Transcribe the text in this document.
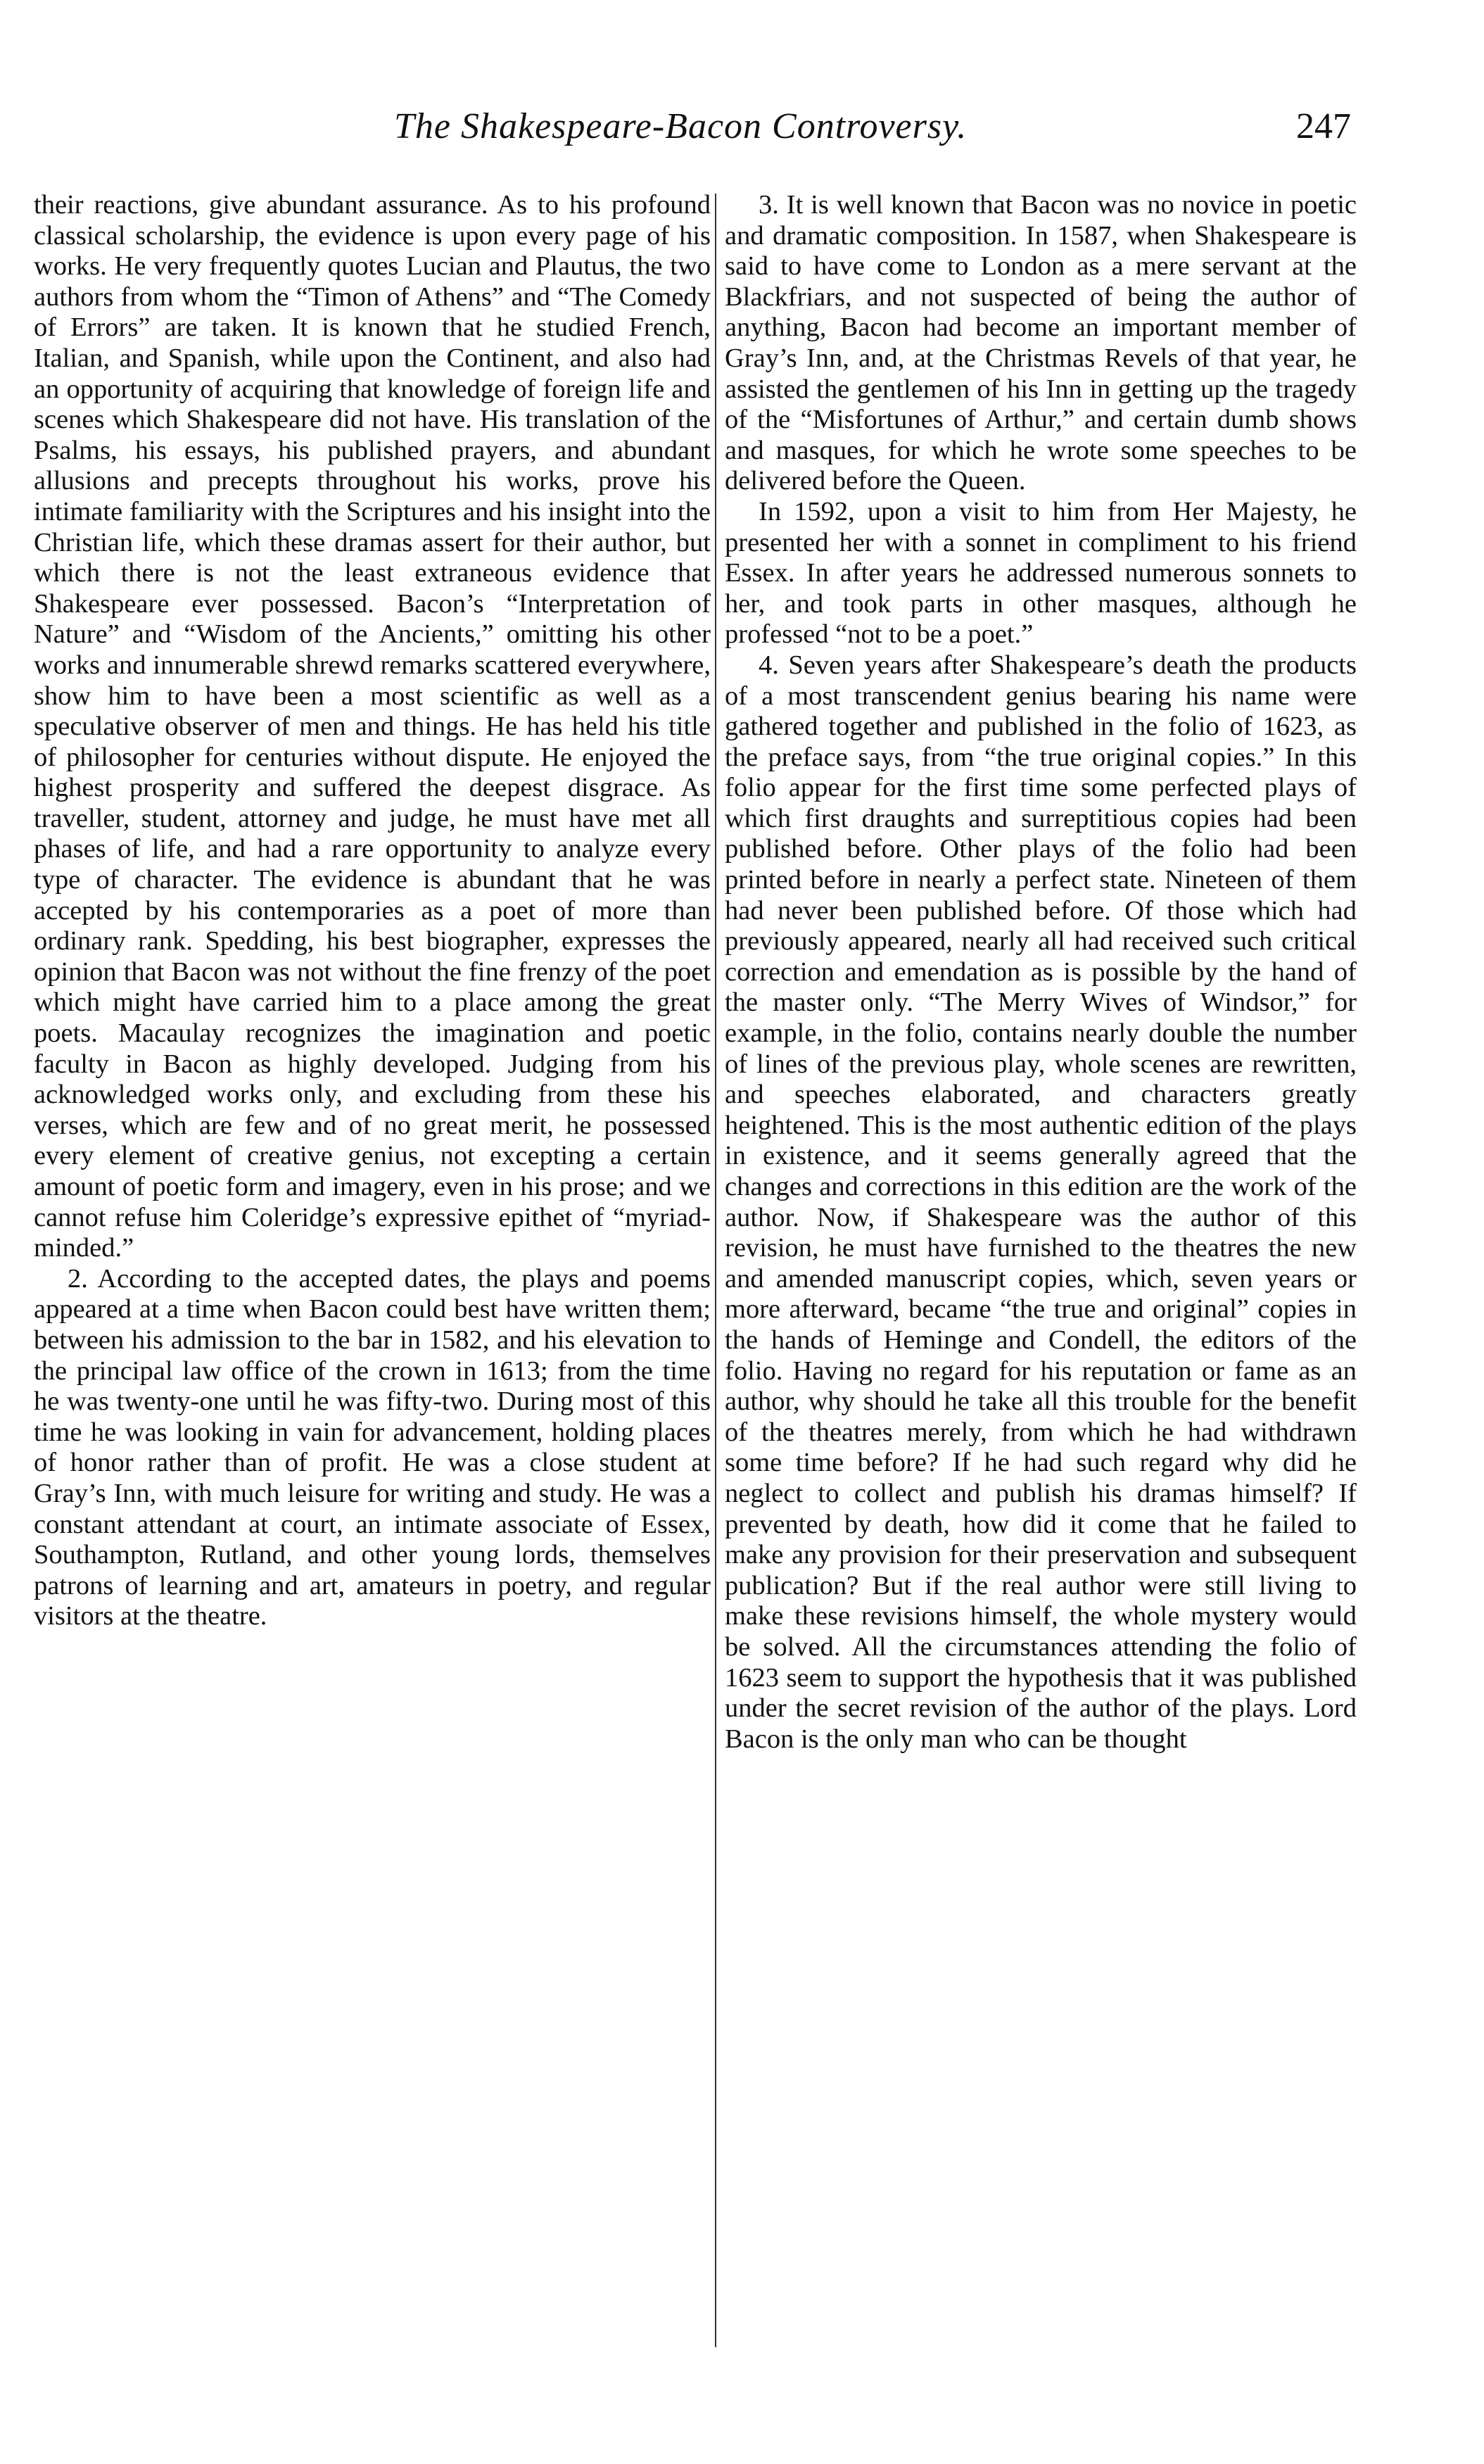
The Shakespeare-Bacon Controversy.	247

their reactions, give abundant assurance. As to his profound classical scholarship, the evidence is upon every page of his works. He very frequently quotes Lucian and Plautus, the two authors from whom the “Timon of Athens” and “The Comedy of Errors” are taken. It is known that he studied French, Italian, and Spanish, while upon the Continent, and also had an opportunity of acquiring that knowledge of foreign life and scenes which Shakespeare did not have. His translation of the Psalms, his essays, his published prayers, and abundant allusions and precepts throughout his works, prove his intimate familiarity with the Scriptures and his insight into the Christian life, which these dramas assert for their author, but which there is not the least extraneous evidence that Shakespeare ever possessed. Bacon’s “Interpretation of Nature” and “Wisdom of the Ancients,” omitting his other works and innumerable shrewd remarks scattered everywhere, show him to have been a most scientific as well as a speculative observer of men and things. He has held his title of philosopher for centuries without dispute. He enjoyed the highest prosperity and suffered the deepest disgrace. As traveller, student, attorney and judge, he must have met all phases of life, and had a rare opportunity to analyze every type of character. The evidence is abundant that he was accepted by his contemporaries as a poet of more than ordinary rank. Spedding, his best biographer, expresses the opinion that Bacon was not without the fine frenzy of the poet which might have carried him to a place among the great poets. Macaulay recognizes the imagination and poetic faculty in Bacon as highly developed. Judging from his acknowledged works only, and excluding from these his verses, which are few and of no great merit, he possessed every element of creative genius, not excepting a certain amount of poetic form and imagery, even in his prose; and we cannot refuse him Coleridge’s expressive epithet of “myriad-minded.”

2. According to the accepted dates, the plays and poems appeared at a time when Bacon could best have written them; between his admission to the bar in 1582, and his elevation to the principal law office of the crown in 1613; from the time he was twenty-one until he was fifty-two. During most of this time he was looking in vain for advancement, holding places of honor rather than of profit. He was a close student at Gray’s Inn, with much leisure for writing and study. He was a constant attendant at court, an intimate associate of Essex, Southampton, Rutland, and other young lords, themselves patrons of learning and art, amateurs in poetry, and regular visitors at the theatre.

3. It is well known that Bacon was no novice in poetic and dramatic composition. In 1587, when Shakespeare is said to have come to London as a mere servant at the Blackfriars, and not suspected of being the author of anything, Bacon had become an important member of Gray’s Inn, and, at the Christmas Revels of that year, he assisted the gentlemen of his Inn in getting up the tragedy of the “Misfortunes of Arthur,” and certain dumb shows and masques, for which he wrote some speeches to be delivered before the Queen.

In 1592, upon a visit to him from Her Majesty, he presented her with a sonnet in compliment to his friend Essex. In after years he addressed numerous sonnets to her, and took parts in other masques, although he professed “not to be a poet.”

4. Seven years after Shakespeare’s death the products of a most transcendent genius bearing his name were gathered together and published in the folio of 1623, as the preface says, from “the true original copies.” In this folio appear for the first time some perfected plays of which first draughts and surreptitious copies had been published before. Other plays of the folio had been printed before in nearly a perfect state. Nineteen of them had never been published before. Of those which had previously appeared, nearly all had received such critical correction and emendation as is possible by the hand of the master only. “The Merry Wives of Windsor,” for example, in the folio, contains nearly double the number of lines of the previous play, whole scenes are rewritten, and speeches elaborated, and characters greatly heightened. This is the most authentic edition of the plays in existence, and it seems generally agreed that the changes and corrections in this edition are the work of the author. Now, if Shakespeare was the author of this revision, he must have furnished to the theatres the new and amended manuscript copies, which, seven years or more afterward, became “the true and original” copies in the hands of Heminge and Condell, the editors of the folio. Having no regard for his reputation or fame as an author, why should he take all this trouble for the benefit of the theatres merely, from which he had withdrawn some time before? If he had such regard why did he neglect to collect and publish his dramas himself? If prevented by death, how did it come that he failed to make any provision for their preservation and subsequent publication? But if the real author were still living to make these revisions himself, the whole mystery would be solved. All the circumstances attending the folio of 1623 seem to support the hypothesis that it was published under the secret revision of the author of the plays. Lord Bacon is the only man who can be thought
